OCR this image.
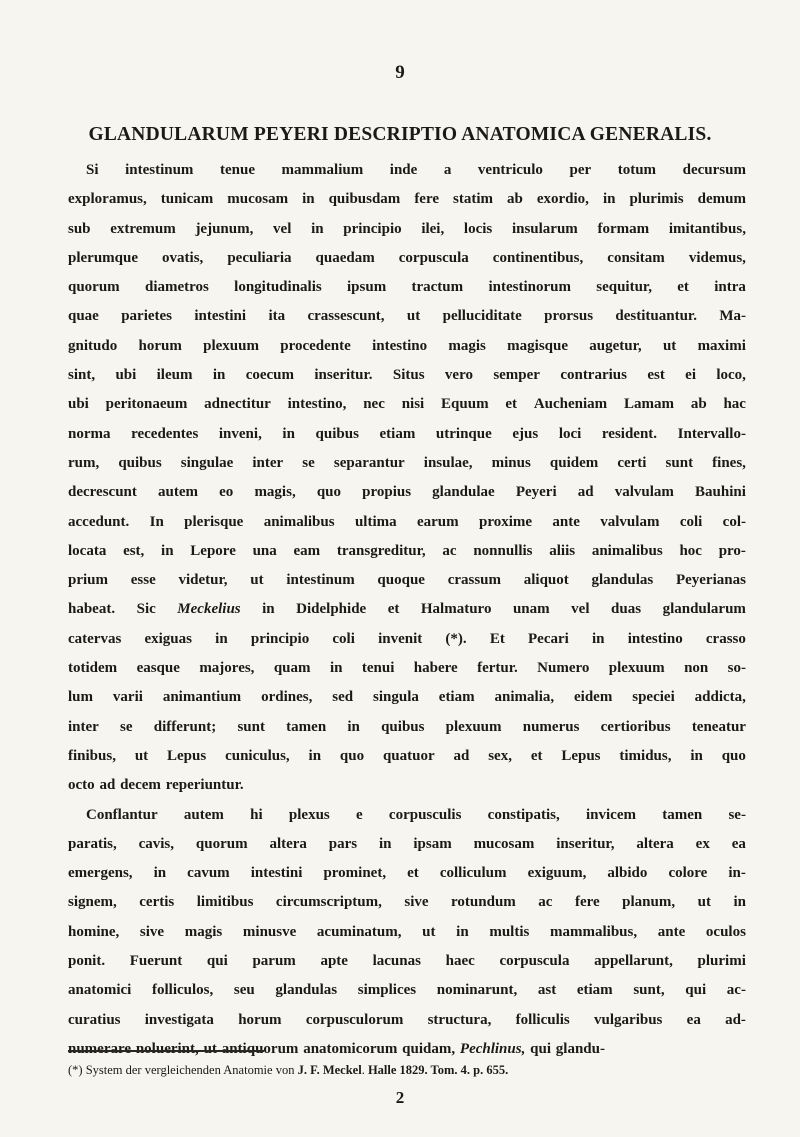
9
GLANDULARUM PEYERI DESCRIPTIO ANATOMICA GENERALIS.
Si intestinum tenue mammalium inde a ventriculo per totum decursum
exploramus, tunicam mucosam in quibusdam fere statim ab exordio, in plurimis demum
sub extremum jejunum, vel in principio ilei, locis insularum formam imitantibus,
plerumque ovatis, peculiaria quaedam corpuscula continentibus, consitam videmus,
quorum diametros longitudinalis ipsum tractum intestinorum sequitur, et intra
quae parietes intestini ita crassescunt, ut pelluciditate prorsus destituantur. Ma-
gnitudo horum plexuum procedente intestino magis magisque augetur, ut maximi
sint, ubi ileum in coecum inseritur. Situs vero semper contrarius est ei loco,
ubi peritonaeum adnectitur intestino, nec nisi Equum et Aucheniam Lamam ab hac
norma recedentes inveni, in quibus etiam utrinque ejus loci resident. Intervallo-
rum, quibus singulae inter se separantur insulae, minus quidem certi sunt fines,
decrescunt autem eo magis, quo propius glandulae Peyeri ad valvulam Bauhini
accedunt. In plerisque animalibus ultima earum proxime ante valvulam coli col-
locata est, in Lepore una eam transgreditur, ac nonnullis aliis animalibus hoc pro-
prium esse videtur, ut intestinum quoque crassum aliquot glandulas Peyerianas
habeat. Sic Meckelius in Didelphide et Halmaturo unam vel duas glandularum
catervas exiguas in principio coli invenit (*). Et Pecari in intestino crasso
totidem easque majores, quam in tenui habere fertur. Numero plexuum non so-
lum varii animantium ordines, sed singula etiam animalia, eidem speciei addicta,
inter se differunt; sunt tamen in quibus plexuum numerus certioribus teneatur
finibus, ut Lepus cuniculus, in quo quatuor ad sex, et Lepus timidus, in quo
octo ad decem reperiuntur.
Conflantur autem hi plexus e corpusculis constipatis, invicem tamen se-
paratis, cavis, quorum altera pars in ipsam mucosam inseritur, altera ex ea
emergens, in cavum intestini prominet, et colliculum exiguum, albido colore in-
signem, certis limitibus circumscriptum, sive rotundum ac fere planum, ut in
homine, sive magis minusve acuminatum, ut in multis mammalibus, ante oculos
ponit. Fuerunt qui parum apte lacunas haec corpuscula appellarunt, plurimi
anatomici folliculos, seu glandulas simplices nominarunt, ast etiam sunt, qui ac-
curatius investigata horum corpusculorum structura, folliculis vulgaribus ea ad-
numerare noluerint, ut antiquorum anatomicorum quidam, Pechlinus, qui glandu-
(*) System der vergleichenden Anatomie von J. F. Meckel. Halle 1829. Tom. 4. p. 655.
2
